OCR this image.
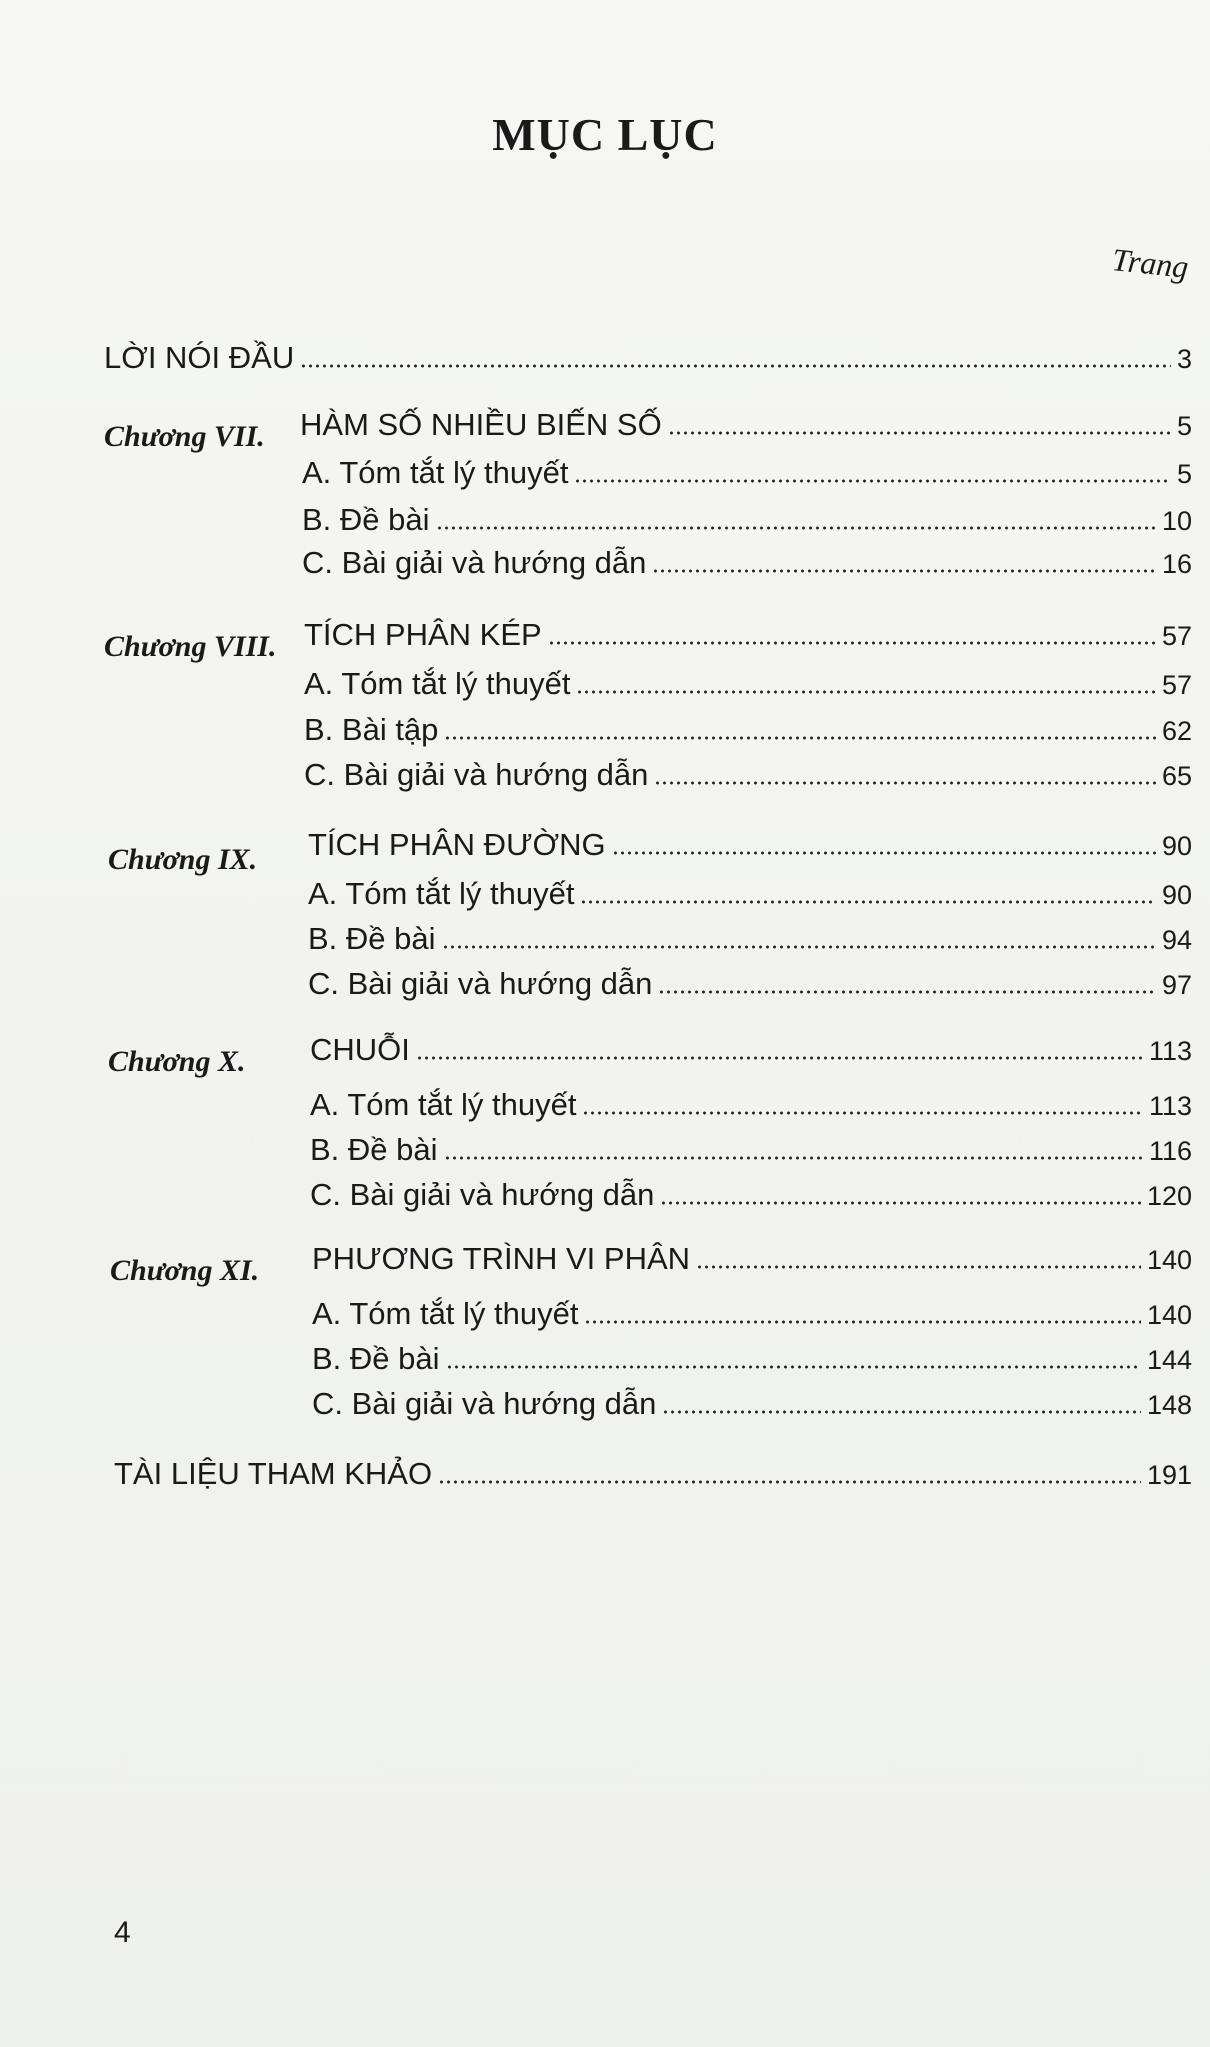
MỤC LỤC
Trang
LỜI NÓI ĐẦU	3
Chương VII. HÀM SỐ NHIỀU BIẾN SỐ	5
A. Tóm tắt lý thuyết	5
B. Đề bài	10
C. Bài giải và hướng dẫn	16
Chương VIII. TÍCH PHÂN KÉP	57
A. Tóm tắt lý thuyết	57
B. Bài tập	62
C. Bài giải và hướng dẫn	65
Chương IX. TÍCH PHÂN ĐƯỜNG	90
A. Tóm tắt lý thuyết	90
B. Đề bài	94
C. Bài giải và hướng dẫn	97
Chương X. CHUỖI	113
A. Tóm tắt lý thuyết	113
B. Đề bài	116
C. Bài giải và hướng dẫn	120
Chương XI. PHƯƠNG TRÌNH VI PHÂN	140
A. Tóm tắt lý thuyết	140
B. Đề bài	144
C. Bài giải và hướng dẫn	148
TÀI LIỆU THAM KHẢO	191
4
